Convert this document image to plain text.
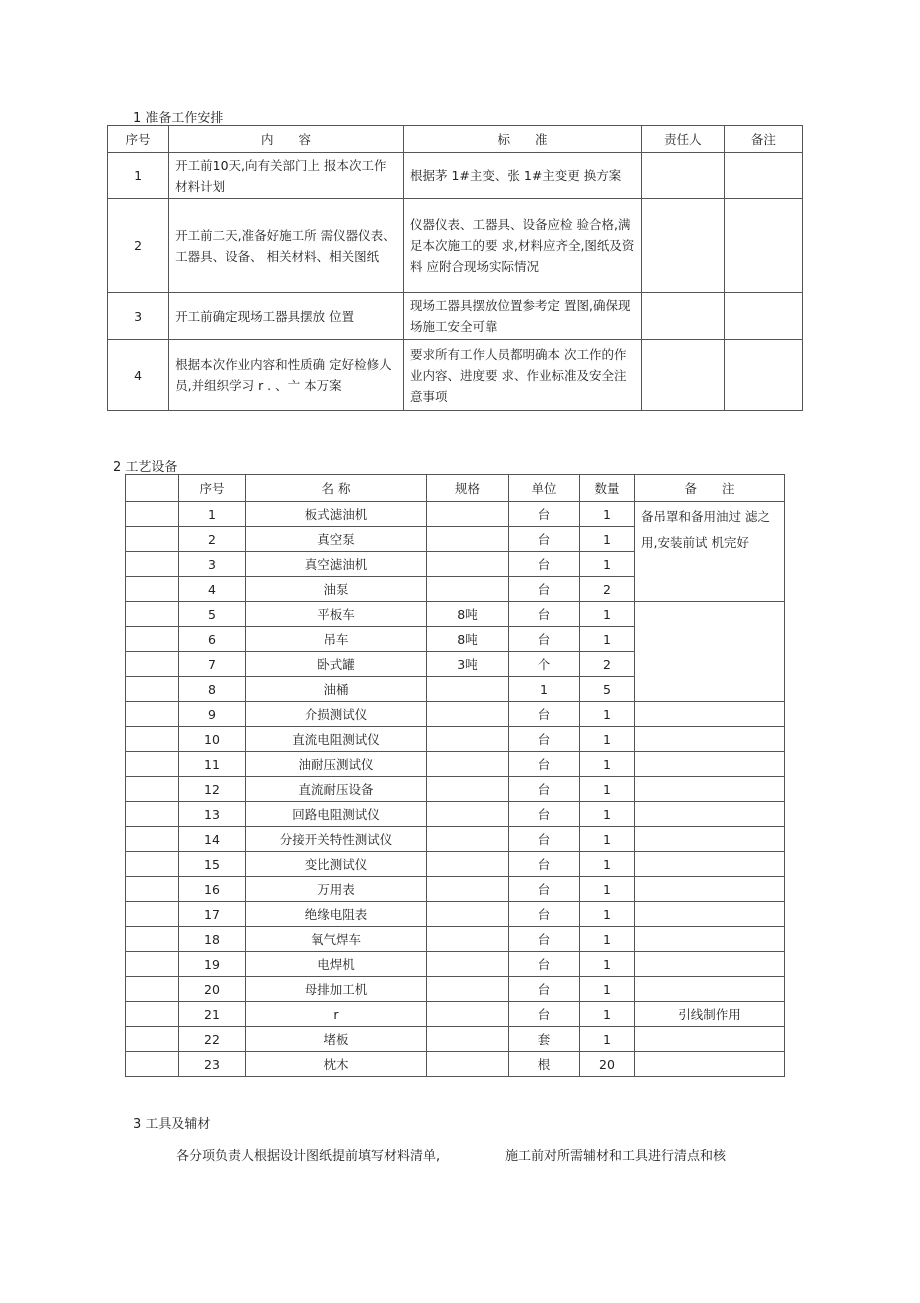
1 准备工作安排
序号	内　　容	标　　准	责任人	备注
1	开工前10天,向有关部门上 报本次工作材料计划	根据茅 1#主变、张 1#主变更 换方案		
2	开工前二天,准备好施工所 需仪器仪表、工器具、设备、 相关材料、相关图纸	仪器仪表、工器具、设备应检 验合格,满足本次施工的要 求,材料应齐全,图纸及资料 应附合现场实际情况		
3	开工前确定现场工器具摆放 位置	现场工器具摆放位置参考定 置图,确保现场施工安全可靠		
4	根据本次作业内容和性质确 定好检修人员,并组织学习 r . 、亠 本万案	要求所有工作人员都明确本 次工作的作业内容、进度要 求、作业标准及安全注意事项		
2 工艺设备
	序号	名 称	规格	单位	数量	备　　注
	1	板式滤油机		台	1	备吊罩和备用油过 滤之用,安装前试 机完好
	2	真空泵		台	1	
	3	真空滤油机		台	1	
	4	油泵		台	2	
	5	平板车	8吨	台	1	
	6	吊车	8吨	台	1	
	7	卧式罐	3吨	个	2	
	8	油桶		1	5	
	9	介损测试仪		台	1	
	10	直流电阻测试仪		台	1	
	11	油耐压测试仪		台	1	
	12	直流耐压设备		台	1	
	13	回路电阻测试仪		台	1	
	14	分接开关特性测试仪		台	1	
	15	变比测试仪		台	1	
	16	万用表		台	1	
	17	绝缘电阻表		台	1	
	18	氧气焊车		台	1	
	19	电焊机		台	1	
	20	母排加工机		台	1	
	21	r		台	1	引线制作用
	22	堵板		套	1	
	23	枕木		根	20	
3 工具及辅材
各分项负责人根据设计图纸提前填写材料清单,	施工前对所需辅材和工具进行清点和核
